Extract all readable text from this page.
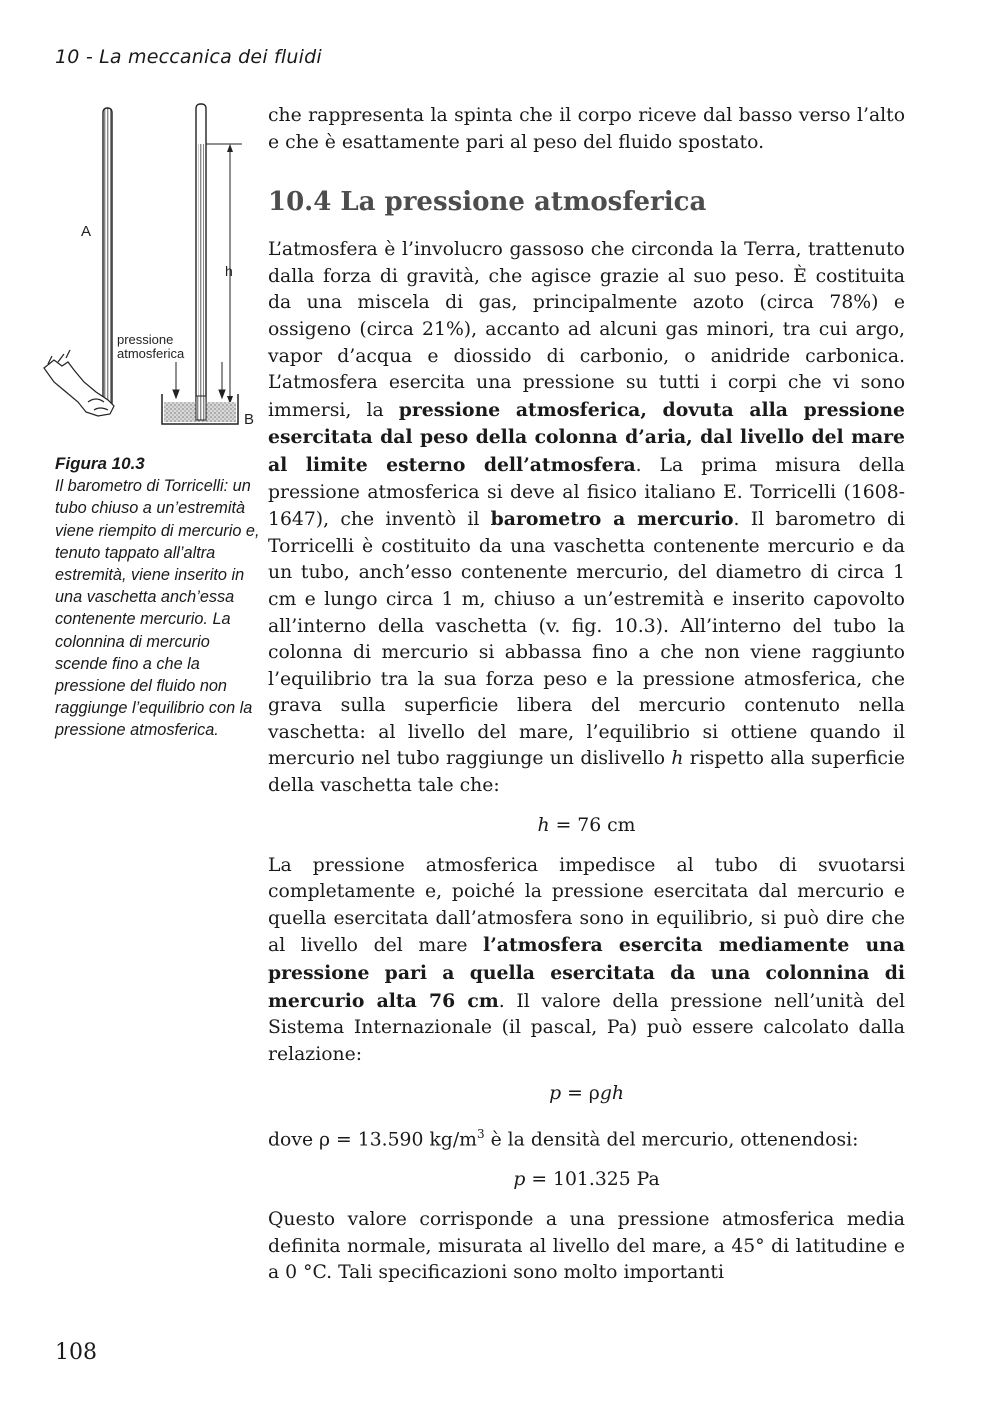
10 - La meccanica dei fluidi
A
h
pressione
atmosferica
B
Figura 10.3
Il barometro di Torricelli: un tubo chiuso a un’estremità viene riempito di mercurio e, tenuto tappato all’altra estremità, viene inserito in una vaschetta anch’essa contenente mercurio. La colonnina di mercurio scende fino a che la pressione del fluido non raggiunge l’equilibrio con la pressione atmosferica.

che rappresenta la spinta che il corpo riceve dal basso verso l’alto e che è esattamente pari al peso del fluido spostato.

10.4 La pressione atmosferica

L’atmosfera è l’involucro gassoso che circonda la Terra, trattenuto dalla forza di gravità, che agisce grazie al suo peso. È costituita da una miscela di gas, principalmente azoto (circa 78%) e ossigeno (circa 21%), accanto ad alcuni gas minori, tra cui argo, vapor d’acqua e diossido di carbonio, o anidride carbonica. L’atmosfera esercita una pressione su tutti i corpi che vi sono immersi, la pressione atmosferica, dovuta alla pressione esercitata dal peso della colonna d’aria, dal livello del mare al limite esterno dell’atmosfera. La prima misura della pressione atmosferica si deve al fisico italiano E. Torricelli (1608-1647), che inventò il barometro a mercurio. Il barometro di Torricelli è costituito da una vaschetta contenente mercurio e da un tubo, anch’esso contenente mercurio, del diametro di circa 1 cm e lungo circa 1 m, chiuso a un’estremità e inserito capovolto all’interno della vaschetta (v. fig. 10.3). All’interno del tubo la colonna di mercurio si abbassa fino a che non viene raggiunto l’equilibrio tra la sua forza peso e la pressione atmosferica, che grava sulla superficie libera del mercurio contenuto nella vaschetta: al livello del mare, l’equilibrio si ottiene quando il mercurio nel tubo raggiunge un dislivello h rispetto alla superficie della vaschetta tale che:

h = 76 cm

La pressione atmosferica impedisce al tubo di svuotarsi completamente e, poiché la pressione esercitata dal mercurio e quella esercitata dall’atmosfera sono in equilibrio, si può dire che al livello del mare l’atmosfera esercita mediamente una pressione pari a quella esercitata da una colonnina di mercurio alta 76 cm. Il valore della pressione nell’unità del Sistema Internazionale (il pascal, Pa) può essere calcolato dalla relazione:

p = ρgh

dove ρ = 13.590 $kg/m^3$ è la densità del mercurio, ottenendosi:

p = 101.325 Pa

Questo valore corrisponde a una pressione atmosferica media definita normale, misurata al livello del mare, a 45° di latitudine e a 0 °C. Tali specificazioni sono molto importanti

108
